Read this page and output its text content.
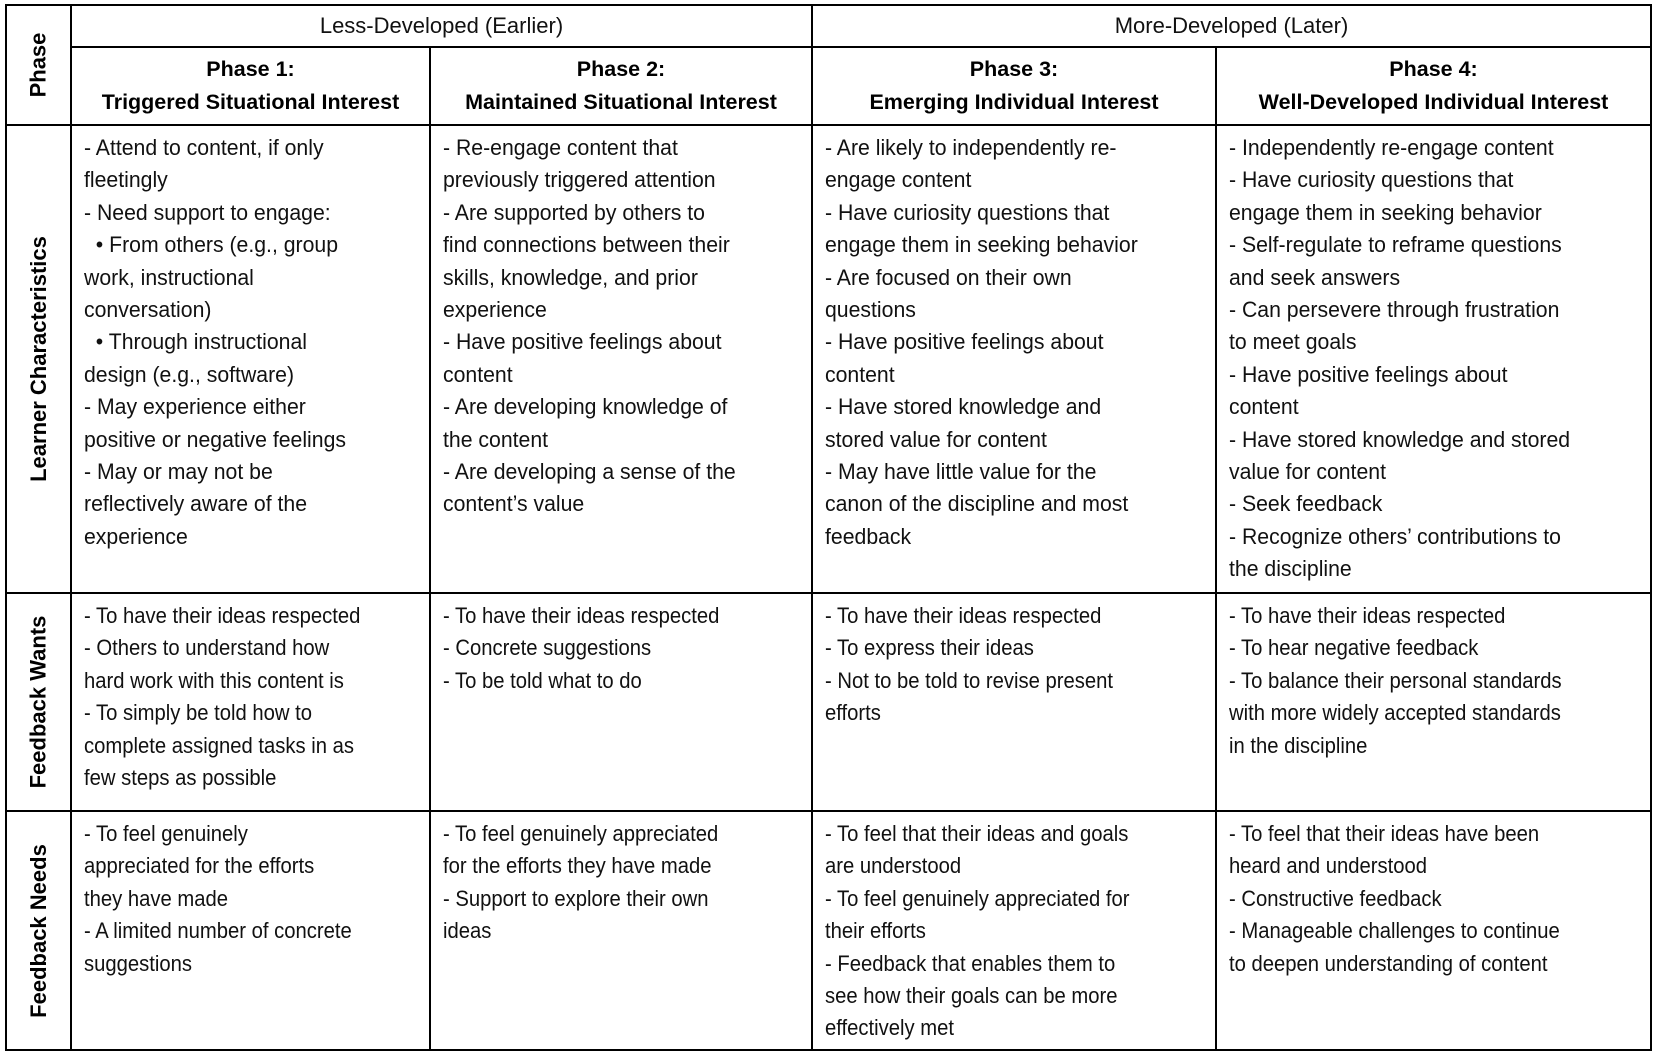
Phase
Less-Developed (Earlier)	More-Developed (Later)
Phase 1:
Triggered Situational Interest
Phase 2:
Maintained Situational Interest
Phase 3:
Emerging Individual Interest
Phase 4:
Well-Developed Individual Interest
Learner Characteristics
Feedback Wants
Feedback Needs
- Attend to content, if only
fleetingly
- Need support to engage:
• From others (e.g., group
work, instructional
conversation)
• Through instructional
design (e.g., software)
- May experience either
positive or negative feelings
- May or may not be
reflectively aware of the
experience
- Re-engage content that
previously triggered attention
- Are supported by others to
find connections between their
skills, knowledge, and prior
experience
- Have positive feelings about
content
- Are developing knowledge of
the content
- Are developing a sense of the
content’s value
- Are likely to independently re-
engage content
- Have curiosity questions that
engage them in seeking behavior
- Are focused on their own
questions
- Have positive feelings about
content
- Have stored knowledge and
stored value for content
- May have little value for the
canon of the discipline and most
feedback
- Independently re-engage content
- Have curiosity questions that
engage them in seeking behavior
- Self-regulate to reframe questions
and seek answers
- Can persevere through frustration
to meet goals
- Have positive feelings about
content
- Have stored knowledge and stored
value for content
- Seek feedback
- Recognize others’ contributions to
the discipline
- To have their ideas respected
- Others to understand how
hard work with this content is
- To simply be told how to
complete assigned tasks in as
few steps as possible
- To have their ideas respected
- Concrete suggestions
- To be told what to do
- To have their ideas respected
- To express their ideas
- Not to be told to revise present
efforts
- To have their ideas respected
- To hear negative feedback
- To balance their personal standards
with more widely accepted standards
in the discipline
- To feel genuinely
appreciated for the efforts
they have made
- A limited number of concrete
suggestions
- To feel genuinely appreciated
for the efforts they have made
- Support to explore their own
ideas
- To feel that their ideas and goals
are understood
- To feel genuinely appreciated for
their efforts
- Feedback that enables them to
see how their goals can be more
effectively met
- To feel that their ideas have been
heard and understood
- Constructive feedback
- Manageable challenges to continue
to deepen understanding of content
